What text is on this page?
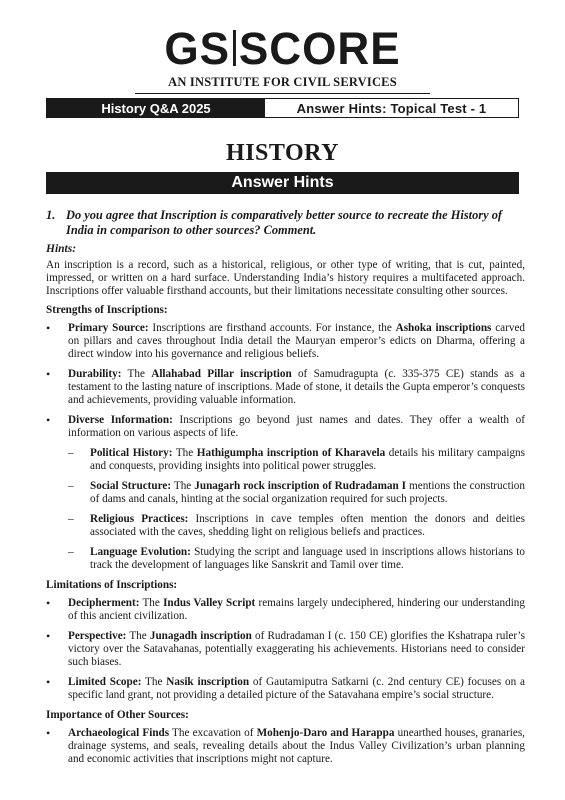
GS SCORE
AN INSTITUTE FOR CIVIL SERVICES
History Q&A 2025	Answer Hints: Topical Test - 1
HISTORY
Answer Hints
1. Do you agree that Inscription is comparatively better source to recreate the History of India in comparison to other sources? Comment.
Hints:

An inscription is a record, such as a historical, religious, or other type of writing, that is cut, painted, impressed, or written on a hard surface. Understanding India’s history requires a multifaceted approach. Inscriptions offer valuable firsthand accounts, but their limitations necessitate consulting other sources.

Strengths of Inscriptions:
•	Primary Source: Inscriptions are firsthand accounts. For instance, the Ashoka inscriptions carved on pillars and caves throughout India detail the Mauryan emperor’s edicts on Dharma, offering a direct window into his governance and religious beliefs.
•	Durability: The Allahabad Pillar inscription of Samudragupta (c. 335-375 CE) stands as a testament to the lasting nature of inscriptions. Made of stone, it details the Gupta emperor’s conquests and achievements, providing valuable information.
•	Diverse Information: Inscriptions go beyond just names and dates. They offer a wealth of information on various aspects of life.
–	Political History: The Hathigumpha inscription of Kharavela details his military campaigns and conquests, providing insights into political power struggles.
–	Social Structure: The Junagarh rock inscription of Rudradaman I mentions the construction of dams and canals, hinting at the social organization required for such projects.
–	Religious Practices: Inscriptions in cave temples often mention the donors and deities associated with the caves, shedding light on religious beliefs and practices.
–	Language Evolution: Studying the script and language used in inscriptions allows historians to track the development of languages like Sanskrit and Tamil over time.
Limitations of Inscriptions:
•	Decipherment: The Indus Valley Script remains largely undeciphered, hindering our understanding of this ancient civilization.
•	Perspective: The Junagadh inscription of Rudradaman I (c. 150 CE) glorifies the Kshatrapa ruler’s victory over the Satavahanas, potentially exaggerating his achievements. Historians need to consider such biases.
•	Limited Scope: The Nasik inscription of Gautamiputra Satkarni (c. 2nd century CE) focuses on a specific land grant, not providing a detailed picture of the Satavahana empire’s social structure.
Importance of Other Sources:
•	Archaeological Finds The excavation of Mohenjo-Daro and Harappa unearthed houses, granaries, drainage systems, and seals, revealing details about the Indus Valley Civilization’s urban planning and economic activities that inscriptions might not capture.
